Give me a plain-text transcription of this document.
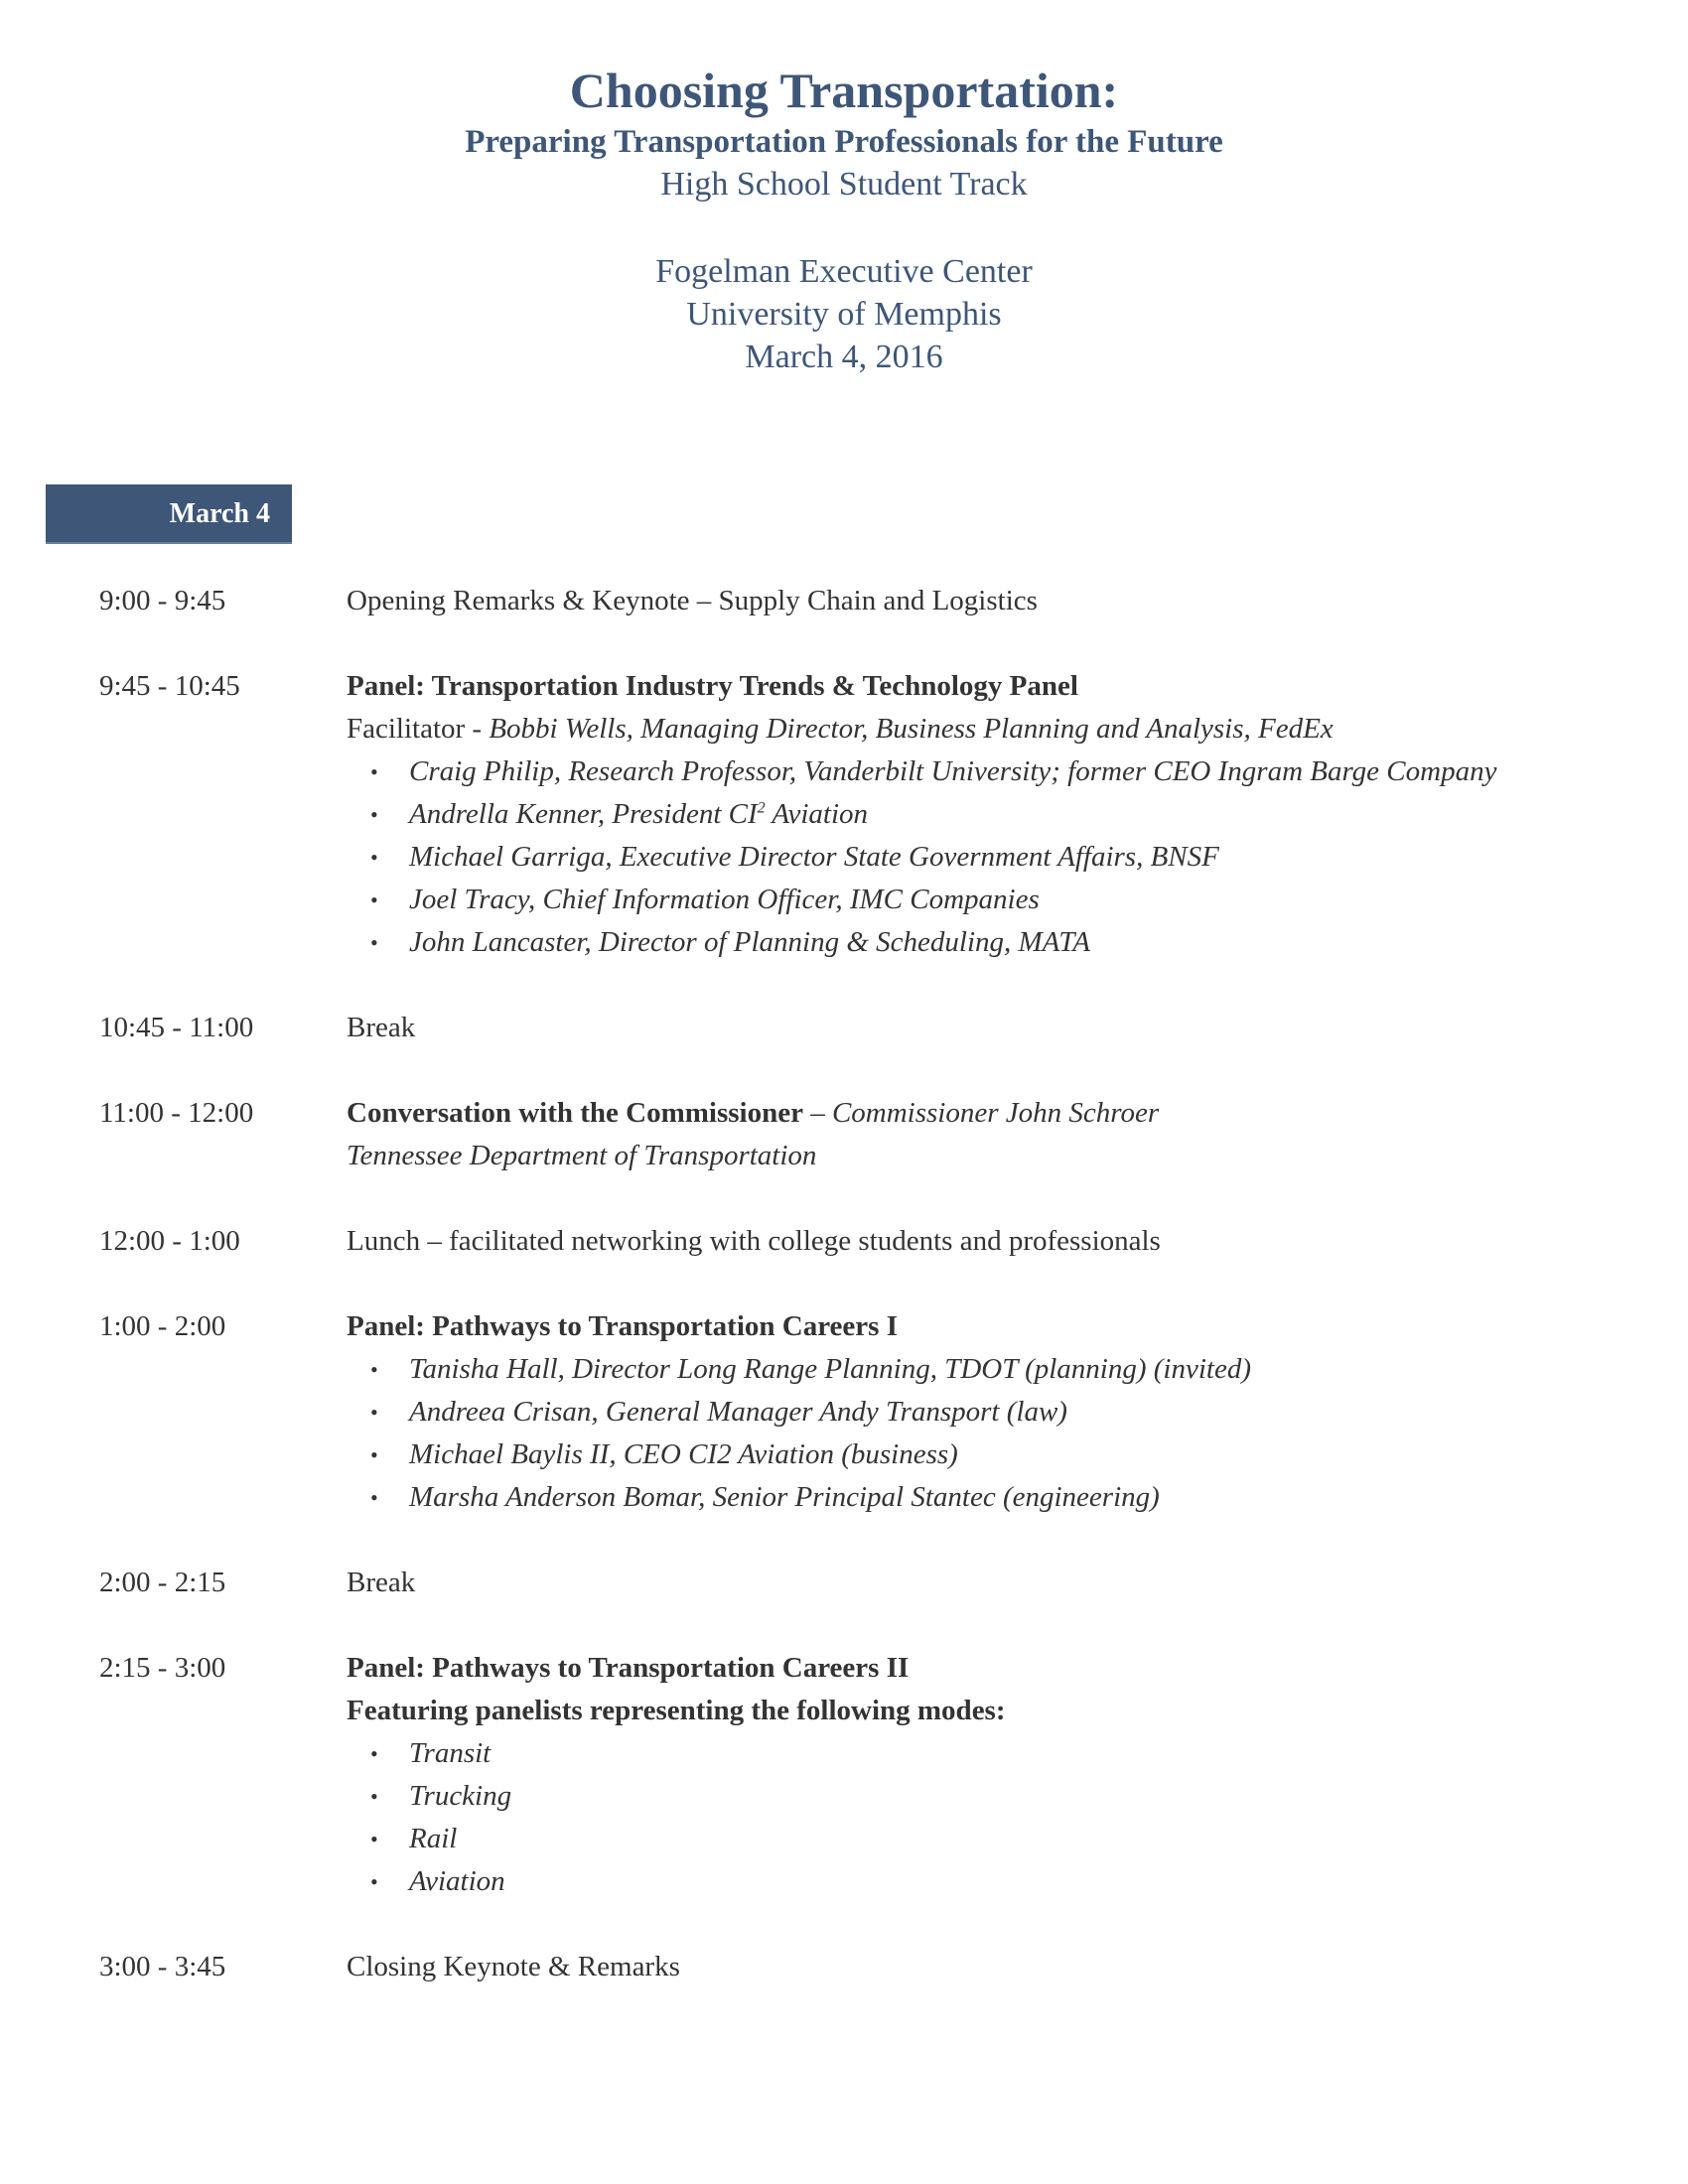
Choosing Transportation:
Preparing Transportation Professionals for the Future
High School Student Track
Fogelman Executive Center
University of Memphis
March 4, 2016
March 4
9:00 - 9:45	Opening Remarks & Keynote – Supply Chain and Logistics
9:45 - 10:45	Panel: Transportation Industry Trends & Technology Panel
Facilitator - Bobbi Wells, Managing Director, Business Planning and Analysis, FedEx
• Craig Philip, Research Professor, Vanderbilt University; former CEO Ingram Barge Company
• Andrella Kenner, President $CI^2$ Aviation
• Michael Garriga, Executive Director State Government Affairs, BNSF
• Joel Tracy, Chief Information Officer, IMC Companies
• John Lancaster, Director of Planning & Scheduling, MATA
10:45 - 11:00	Break
11:00 - 12:00	Conversation with the Commissioner – Commissioner John Schroer
Tennessee Department of Transportation
12:00 - 1:00	Lunch – facilitated networking with college students and professionals
1:00 - 2:00	Panel: Pathways to Transportation Careers I
• Tanisha Hall, Director Long Range Planning, TDOT (planning) (invited)
• Andreea Crisan, General Manager Andy Transport (law)
• Michael Baylis II, CEO CI2 Aviation (business)
• Marsha Anderson Bomar, Senior Principal Stantec (engineering)
2:00 - 2:15	Break
2:15 - 3:00	Panel: Pathways to Transportation Careers II
Featuring panelists representing the following modes:
• Transit
• Trucking
• Rail
• Aviation
3:00 - 3:45	Closing Keynote & Remarks
